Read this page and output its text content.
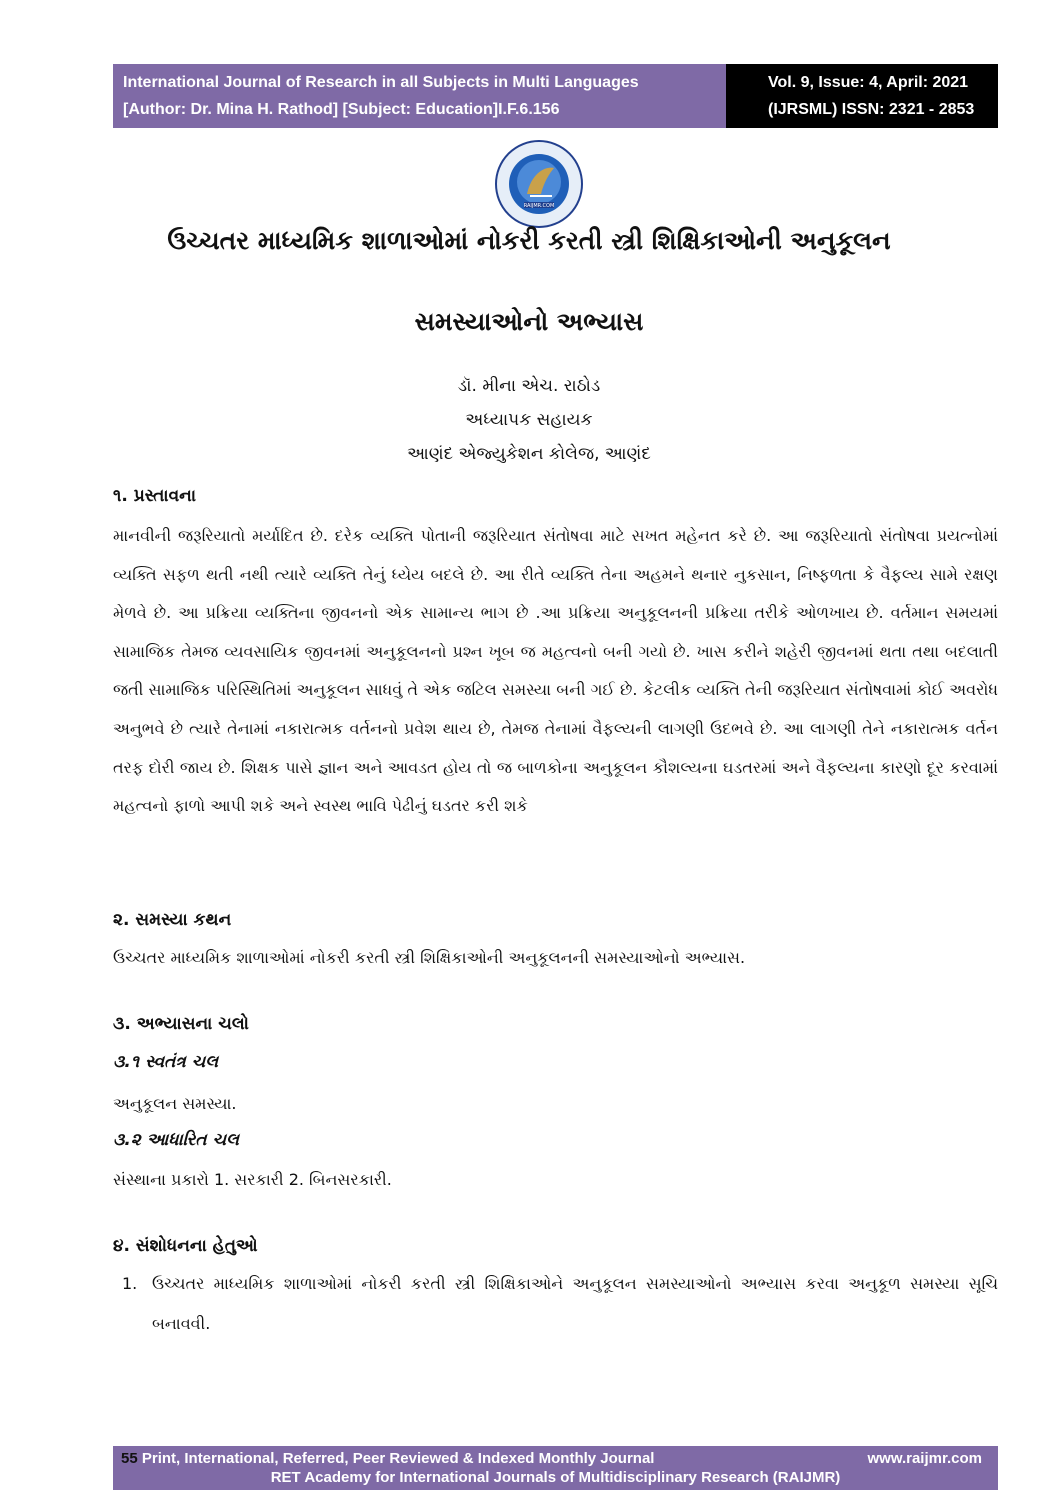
International Journal of Research in all Subjects in Multi Languages
[Author: Dr. Mina H. Rathod] [Subject: Education]I.F.6.156
Vol. 9, Issue: 4, April: 2021
(IJRSML) ISSN: 2321 - 2853
RAIJMR.COM
ઉચ્ચતર માધ્યમિક શાળાઓમાં નોકરી કરતી સ્ત્રી શિક્ષિકાઓની અનુકૂલન
સમસ્યાઓનો અભ્યાસ
ડૉ. મીના એચ. રાઠોડ
અધ્યાપક સહાયક
આણંદ એજ્યુકેશન કોલેજ, આણંદ
૧. પ્રસ્તાવના
માનવીની જરૂરિયાતો મર્યાદિત છે. દરેક વ્યક્તિ પોતાની જરૂરિયાત સંતોષવા માટે સખત મહેનત કરે છે. આ જરૂરિયાતો સંતોષવા પ્રયત્નોમાં વ્યક્તિ સફળ થતી નથી ત્યારે વ્યક્તિ તેનું ધ્યેય બદલે છે. આ રીતે વ્યક્તિ તેના અહમને થનાર નુકસાન, નિષ્ફળતા કે વૈફલ્ય સામે રક્ષણ મેળવે છે. આ પ્રક્રિયા વ્યક્તિના જીવનનો એક સામાન્ય ભાગ છે .આ પ્રક્રિયા અનુકૂલનની પ્રક્રિયા તરીકે ઓળખાય છે. વર્તમાન સમયમાં સામાજિક તેમજ વ્યવસાયિક જીવનમાં અનુકૂલનનો પ્રશ્ન ખૂબ જ મહત્વનો બની ગયો છે. ખાસ કરીને શહેરી જીવનમાં થતા તથા બદલાતી જતી સામાજિક પરિસ્થિતિમાં અનુકૂલન સાધવું તે એક જટિલ સમસ્યા બની ગઈ છે. કેટલીક વ્યક્તિ તેની જરૂરિયાત સંતોષવામાં કોઈ અવરોધ અનુભવે છે ત્યારે તેનામાં નકારાત્મક વર્તનનો પ્રવેશ થાય છે, તેમજ તેનામાં વૈફલ્યની લાગણી ઉદભવે છે. આ લાગણી તેને નકારાત્મક વર્તન તરફ દોરી જાય છે. શિક્ષક પાસે જ્ઞાન અને આવડત હોય તો જ બાળકોના અનુકૂલન કૌશલ્યના ઘડતરમાં અને વૈફલ્યના કારણો દૂર કરવામાં મહત્વનો ફાળો આપી શકે અને સ્વસ્થ ભાવિ પેઢીનું ઘડતર કરી શકે
૨. સમસ્યા કથન
ઉચ્ચતર માધ્યમિક શાળાઓમાં નોકરી કરતી સ્ત્રી શિક્ષિકાઓની અનુકૂલનની સમસ્યાઓનો અભ્યાસ.
૩. અભ્યાસના ચલો
૩.૧ સ્વતંત્ર ચલ
અનુકૂલન સમસ્યા.
૩.૨ આધારિત ચલ
સંસ્થાના પ્રકારો 1. સરકારી 2. બિનસરકારી.
૪. સંશોધનના હેતુઓ
1. ઉચ્ચતર માધ્યમિક શાળાઓમાં નોકરી કરતી સ્ત્રી શિક્ષિકાઓને અનુકૂલન સમસ્યાઓનો અભ્યાસ કરવા અનુકૂળ સમસ્યા સૂચિ બનાવવી.
55 Print, International, Referred, Peer Reviewed & Indexed Monthly Journal	www.raijmr.com
RET Academy for International Journals of Multidisciplinary Research (RAIJMR)
